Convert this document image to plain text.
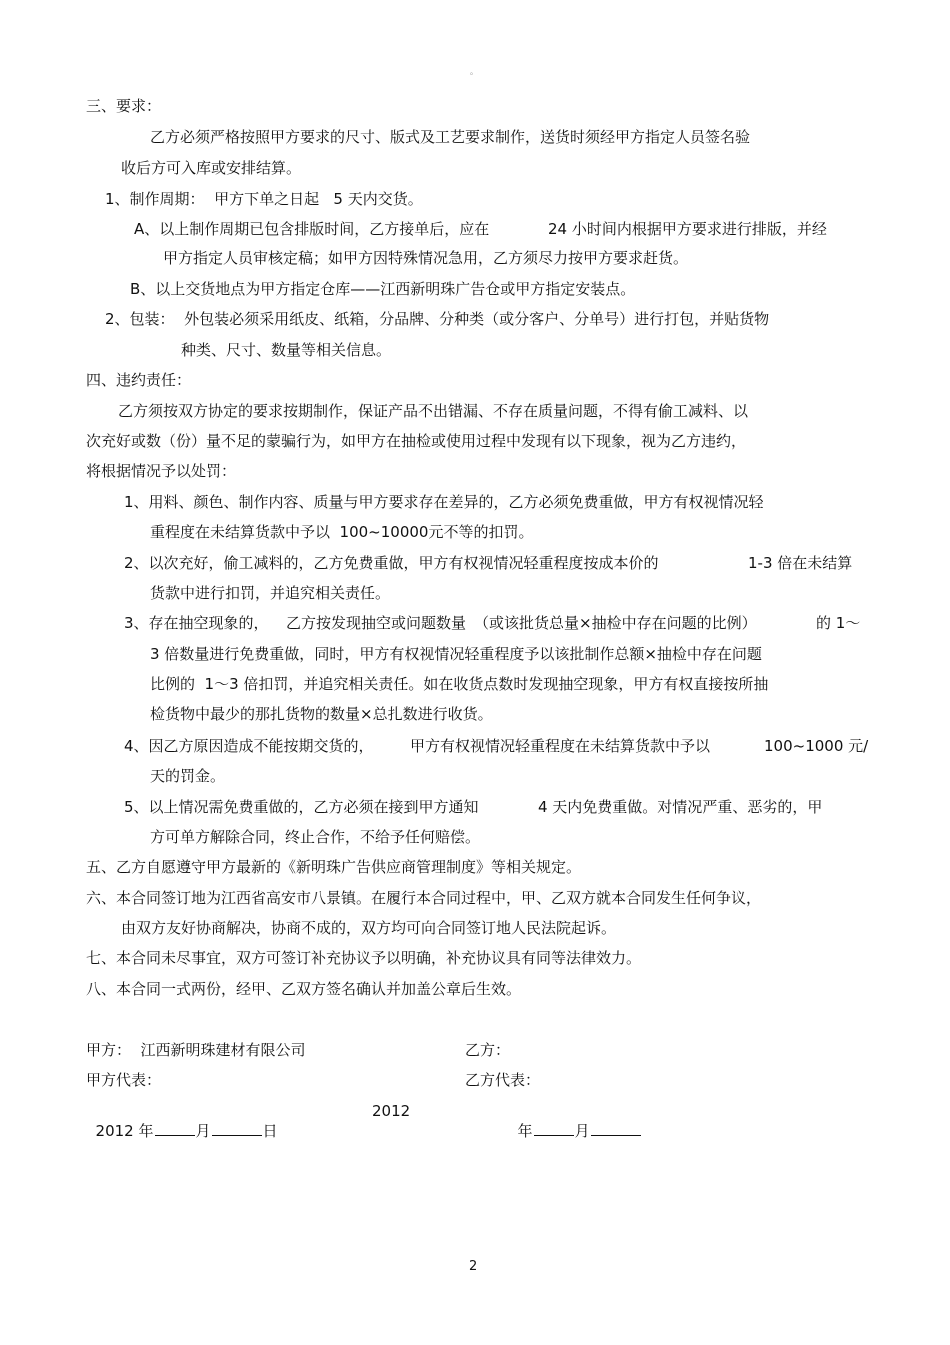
。
三、要求：
乙方必须严格按照甲方要求的尺寸、版式及工艺要求制作，送货时须经甲方指定人员签名验
收后方可入库或安排结算。
1、制作周期：  甲方下单之日起   5 天内交货。
A、以上制作周期已包含排版时间，乙方接单后，应在	24 小时间内根据甲方要求进行排版，并经
甲方指定人员审核定稿；如甲方因特殊情况急用，乙方须尽力按甲方要求赶货。
B、以上交货地点为甲方指定仓库——江西新明珠广告仓或甲方指定安装点。
2、包装：  外包装必须采用纸皮、纸箱，分品牌、分种类（或分客户、分单号）进行打包，并贴货物
种类、尺寸、数量等相关信息。
四、违约责任：
乙方须按双方协定的要求按期制作，保证产品不出错漏、不存在质量问题，不得有偷工减料、以
次充好或数（份）量不足的蒙骗行为，如甲方在抽检或使用过程中发现有以下现象，视为乙方违约，
将根据情况予以处罚：
1、用料、颜色、制作内容、质量与甲方要求存在差异的，乙方必须免费重做，甲方有权视情况轻
重程度在未结算货款中予以  100~10000元不等的扣罚。
2、以次充好，偷工减料的，乙方免费重做，甲方有权视情况轻重程度按成本价的	1-3 倍在未结算
货款中进行扣罚，并追究相关责任。
3、存在抽空现象的， 乙方按发现抽空或问题数量 （或该批货总量×抽检中存在问题的比例）	的 1～
3 倍数量进行免费重做，同时，甲方有权视情况轻重程度予以该批制作总额×抽检中存在问题
比例的  1～3 倍扣罚，并追究相关责任。如在收货点数时发现抽空现象，甲方有权直接按所抽
检货物中最少的那扎货物的数量×总扎数进行收货。
4、因乙方原因造成不能按期交货的， 甲方有权视情况轻重程度在未结算货款中予以	100~1000 元/
天的罚金。
5、以上情况需免费重做的，乙方必须在接到甲方通知	4 天内免费重做。对情况严重、恶劣的，甲
方可单方解除合同，终止合作，不给予任何赔偿。
五、乙方自愿遵守甲方最新的《新明珠广告供应商管理制度》等相关规定。
六、本合同签订地为江西省高安市八景镇。在履行本合同过程中，甲、乙双方就本合同发生任何争议，
由双方友好协商解决，协商不成的，双方均可向合同签订地人民法院起诉。
七、本合同未尽事宜，双方可签订补充协议予以明确，补充协议具有同等法律效力。
八、本合同一式两份，经甲、乙双方签名确认并加盖公章后生效。
甲方：  江西新明珠建材有限公司	乙方：
甲方代表：	乙方代表：

2012 年	月	日

2012

年	月

2
